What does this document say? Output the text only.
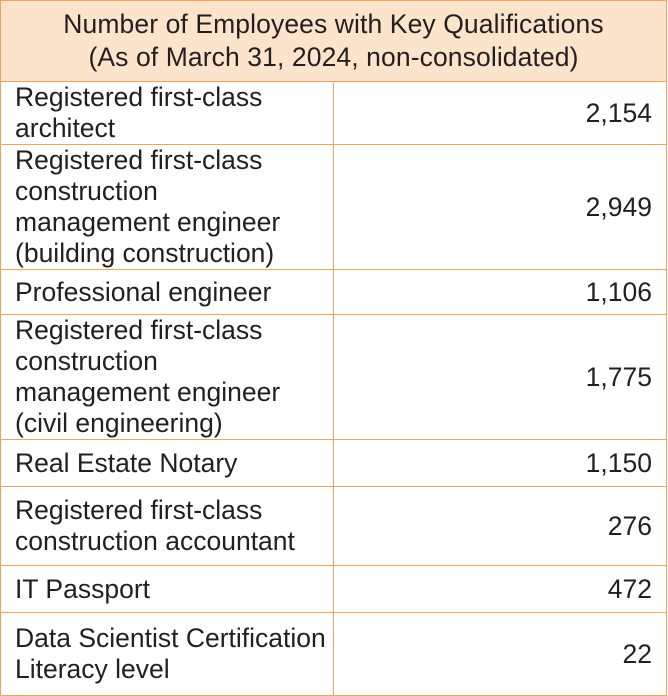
Number of Employees with Key Qualifications
(As of March 31, 2024, non-consolidated)	

Registered first-class architect	2,154

Registered first-class construction
management engineer
(building construction)	2,949

Professional engineer	1,106

Registered first-class construction
management engineer
(civil engineering)	1,775

Real Estate Notary	1,150

Registered first-class
construction accountant	276

IT Passport	472

Data Scientist Certification
Literacy level	22
